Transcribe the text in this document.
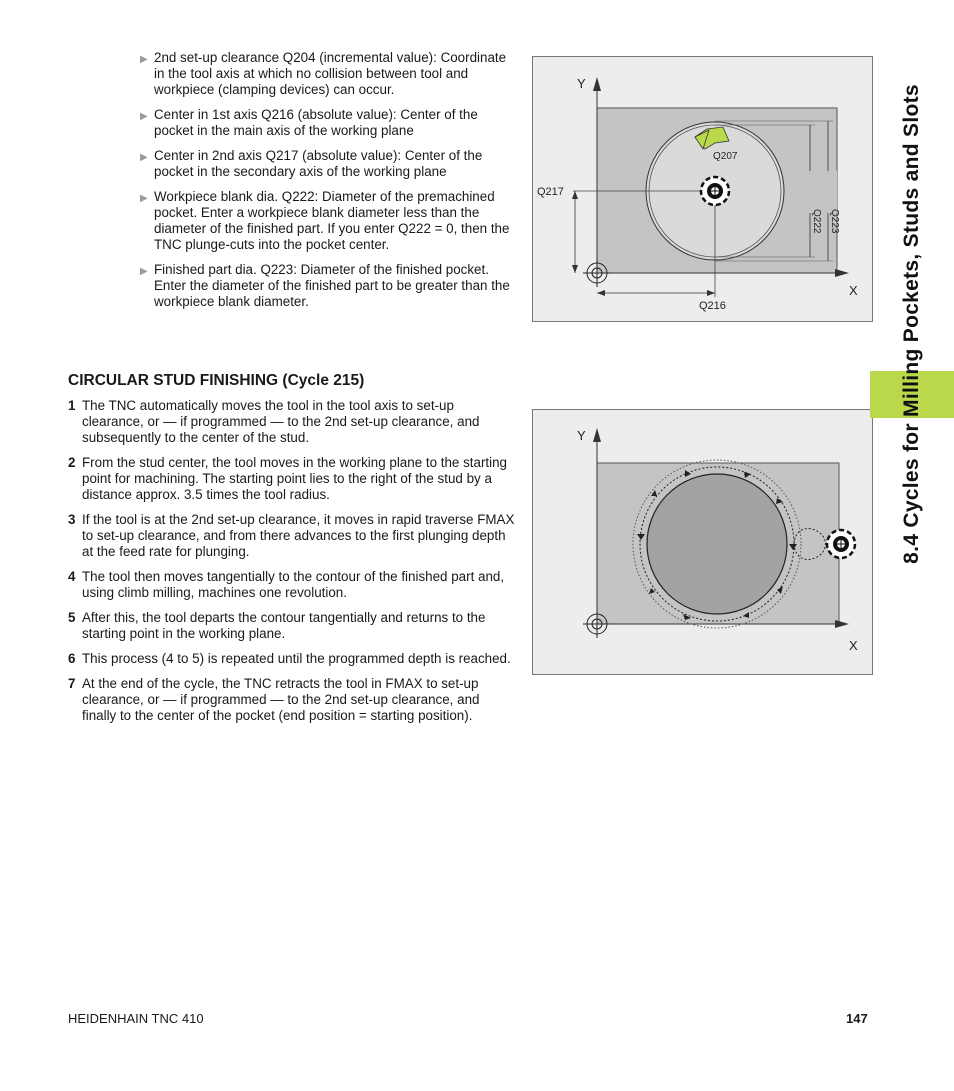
▶ 2nd set-up clearance Q204 (incremental value): Coordinate in the tool axis at which no collision between tool and workpiece (clamping devices) can occur.
▶ Center in 1st axis Q216 (absolute value): Center of the pocket in the main axis of the working plane
▶ Center in 2nd axis Q217 (absolute value): Center of the pocket in the secondary axis of the working plane
▶ Workpiece blank dia. Q222: Diameter of the premachined pocket. Enter a workpiece blank diameter less than the diameter of the finished part. If you enter Q222 = 0, then the TNC plunge-cuts into the pocket center.
▶ Finished part dia. Q223: Diameter of the finished pocket. Enter the diameter of the finished part to be greater than the workpiece blank diameter.
CIRCULAR STUD FINISHING (Cycle 215)
1 The TNC automatically moves the tool in the tool axis to set-up clearance, or — if programmed — to the 2nd set-up clearance, and subsequently to the center of the stud.
2 From the stud center, the tool moves in the working plane to the starting point for machining. The starting point lies to the right of the stud by a distance approx. 3.5 times the tool radius.
3 If the tool is at the 2nd set-up clearance, it moves in rapid traverse FMAX to set-up clearance, and from there advances to the first plunging depth at the feed rate for plunging.
4 The tool then moves tangentially to the contour of the finished part and, using climb milling, machines one revolution.
5 After this, the tool departs the contour tangentially and returns to the starting point in the working plane.
6 This process (4 to 5) is repeated until the programmed depth is reached.
7 At the end of the cycle, the TNC retracts the tool in FMAX to set-up clearance, or — if programmed — to the 2nd set-up clearance, and finally to the center of the pocket (end position = starting position).
Y
X
Q207
Q217
Q216
Q222 Q223
Y
X
8.4 Cycles for Milling Pockets, Studs and Slots
HEIDENHAIN TNC 410	147
